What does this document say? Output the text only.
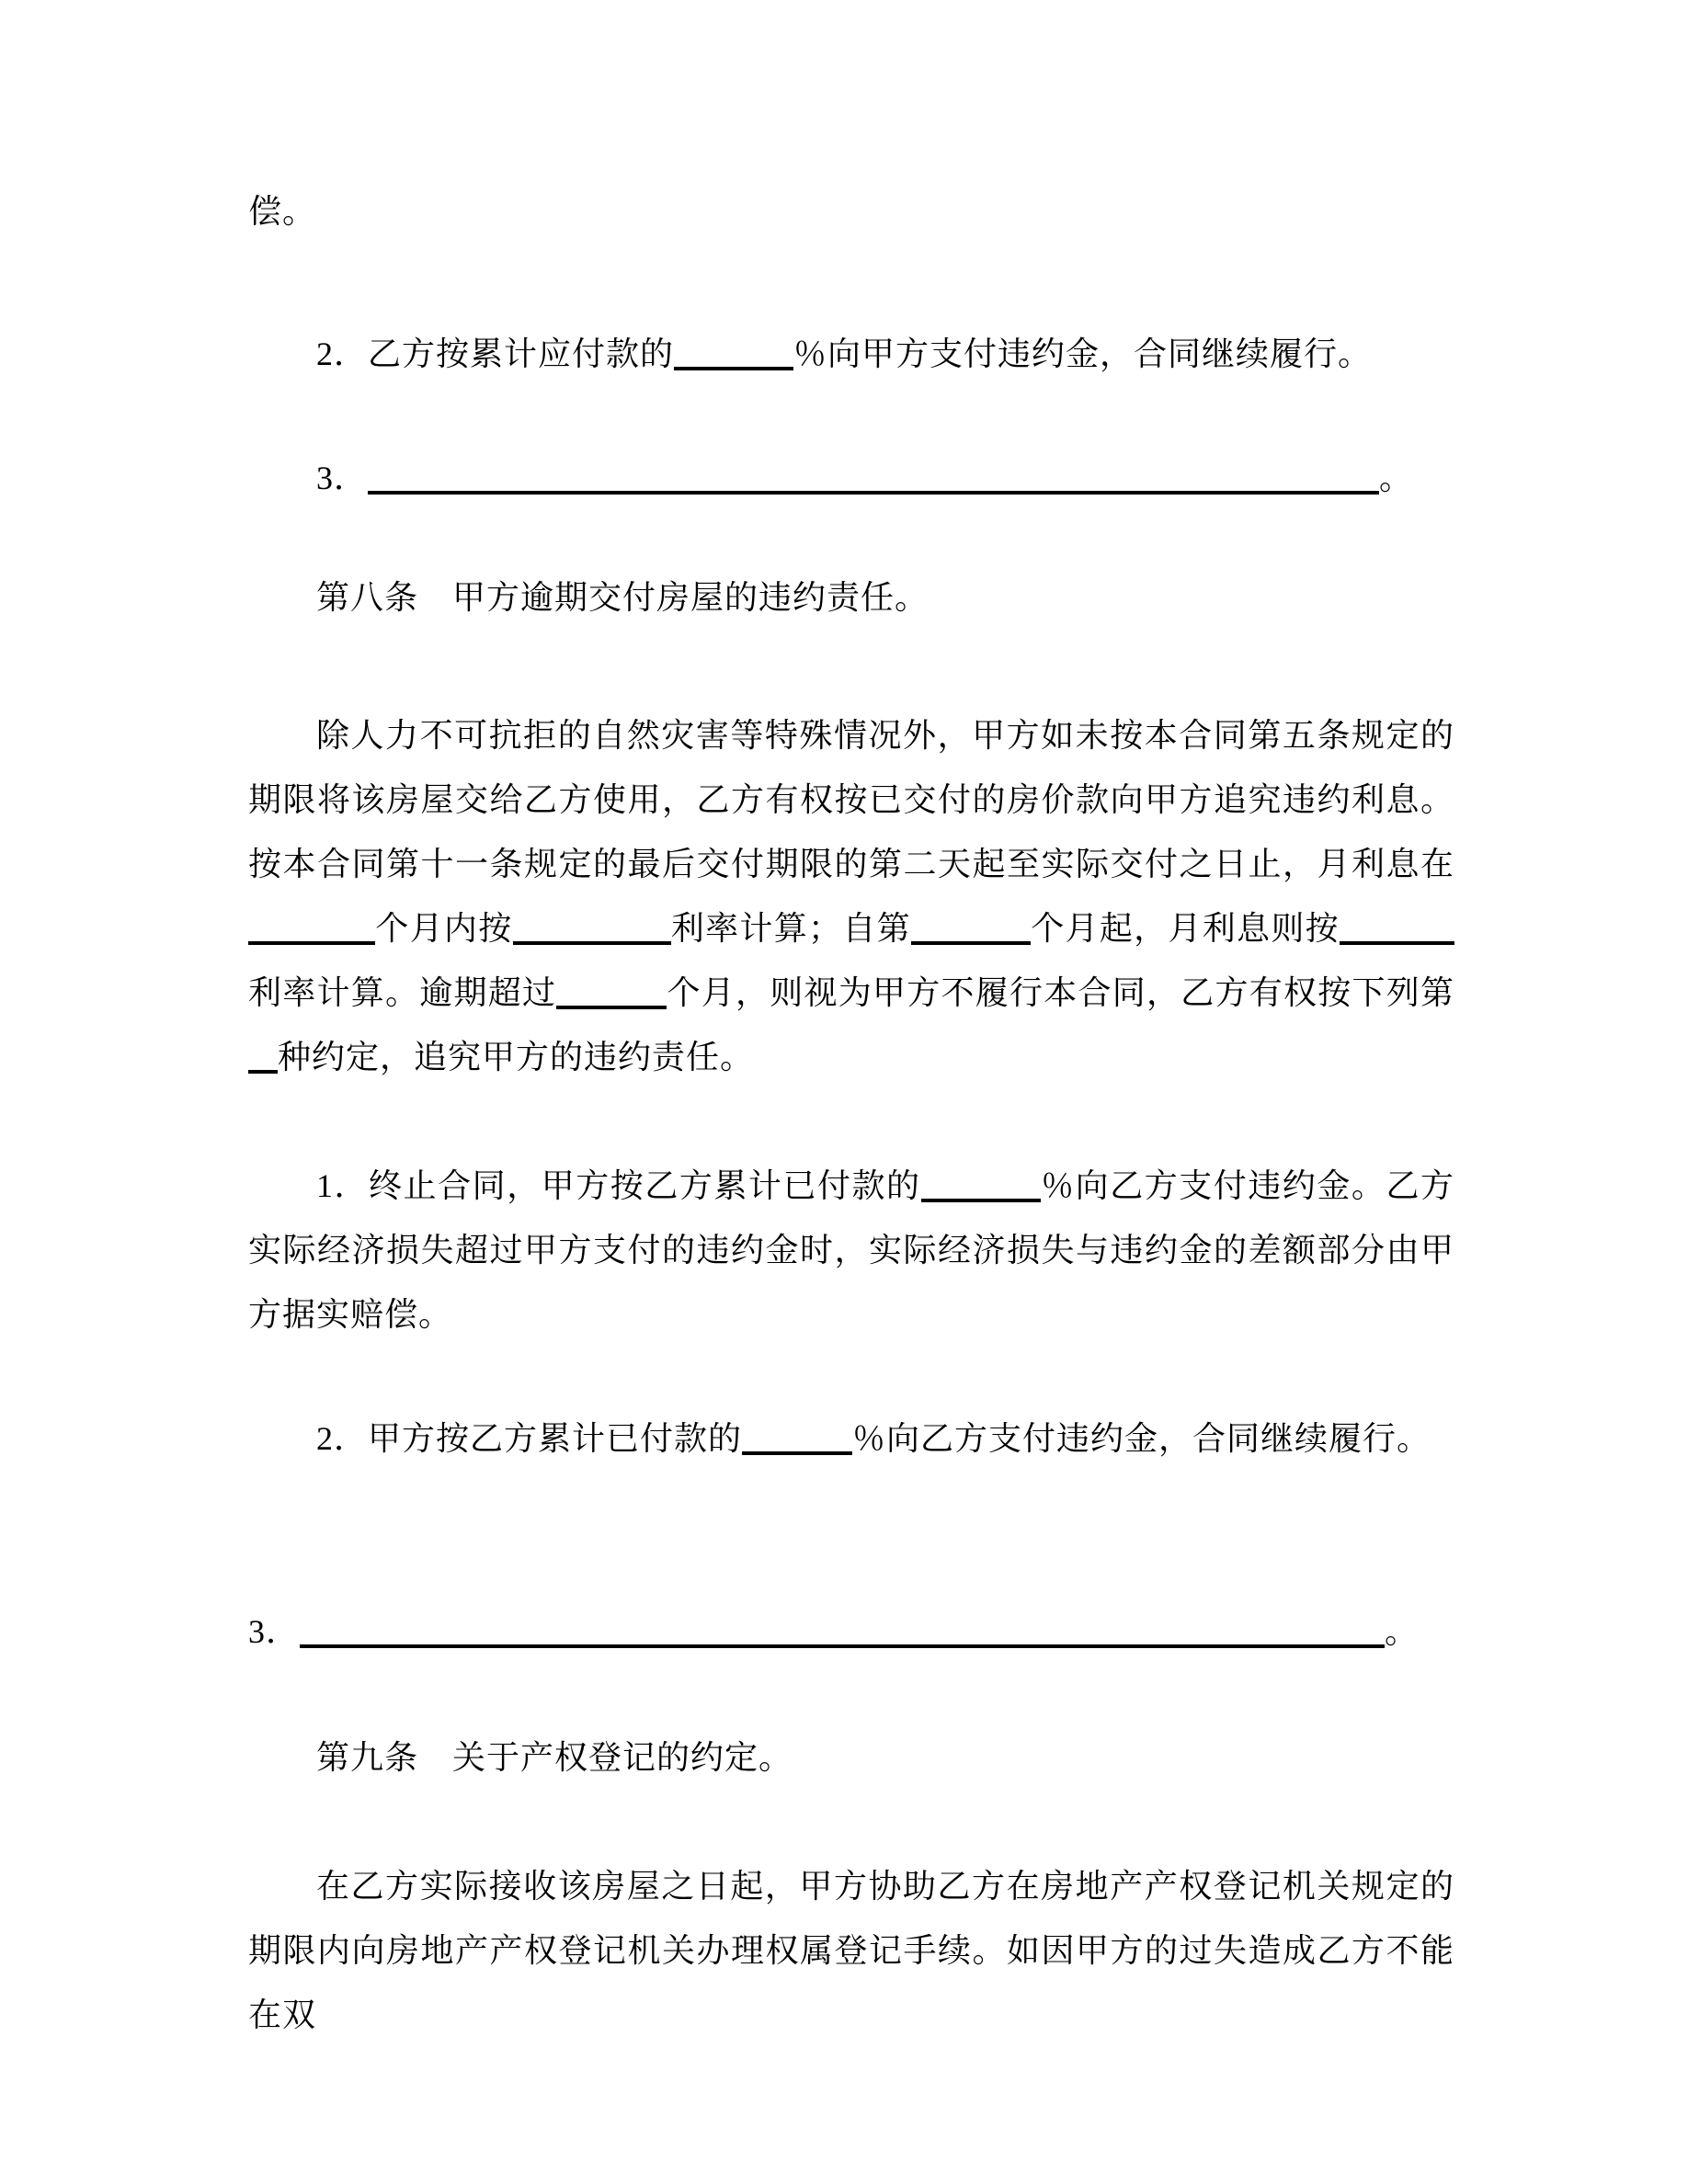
偿。
2．乙方按累计应付款的	％向甲方支付违约金，合同继续履行。
3．	。
第八条　甲方逾期交付房屋的违约责任。
除人力不可抗拒的自然灾害等特殊情况外，甲方如未按本合同第五条规定的期限将该房屋交给乙方使用，乙方有权按已交付的房价款向甲方追究违约利息。按本合同第十一条规定的最后交付期限的第二天起至实际交付之日止，月利息在个月内按	利率计算；自第	个月起，月利息则按利率计算。逾期超过	个月，则视为甲方不履行本合同，乙方有权按下列第种约定，追究甲方的违约责任。
1．终止合同，甲方按乙方累计已付款的	％向乙方支付违约金。乙方实际经济损失超过甲方支付的违约金时，实际经济损失与违约金的差额部分由甲方据实赔偿。
2．甲方按乙方累计已付款的	％向乙方支付违约金，合同继续履行。
3．	。
第九条　关于产权登记的约定。
在乙方实际接收该房屋之日起，甲方协助乙方在房地产产权登记机关规定的期限内向房地产产权登记机关办理权属登记手续。如因甲方的过失造成乙方不能在双
